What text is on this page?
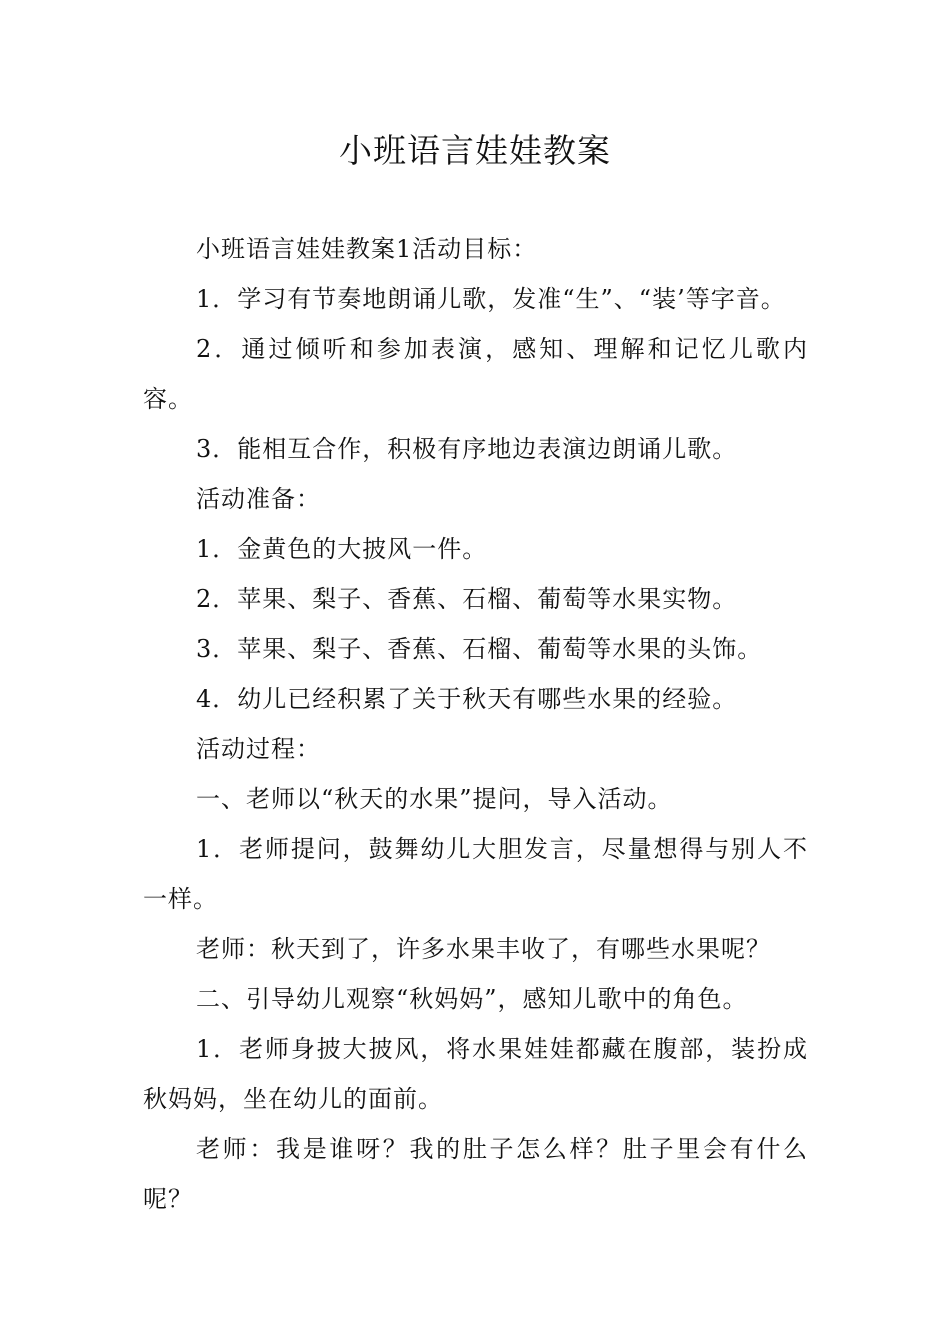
小班语言娃娃教案

小班语言娃娃教案1活动目标：

1．学习有节奏地朗诵儿歌，发准“生”、“装’等字音。

2．通过倾听和参加表演，感知、理解和记忆儿歌内容。

3．能相互合作，积极有序地边表演边朗诵儿歌。

活动准备：

1．金黄色的大披风一件。

2．苹果、梨子、香蕉、石榴、葡萄等水果实物。

3．苹果、梨子、香蕉、石榴、葡萄等水果的头饰。

4．幼儿已经积累了关于秋天有哪些水果的经验。

活动过程：

一、老师以“秋天的水果”提问，导入活动。

1．老师提问，鼓舞幼儿大胆发言，尽量想得与别人不一样。

老师：秋天到了，许多水果丰收了，有哪些水果呢？

二、引导幼儿观察“秋妈妈”，感知儿歌中的角色。

1．老师身披大披风，将水果娃娃都藏在腹部，装扮成秋妈妈，坐在幼儿的面前。

老师：我是谁呀？我的肚子怎么样？肚子里会有什么呢？
